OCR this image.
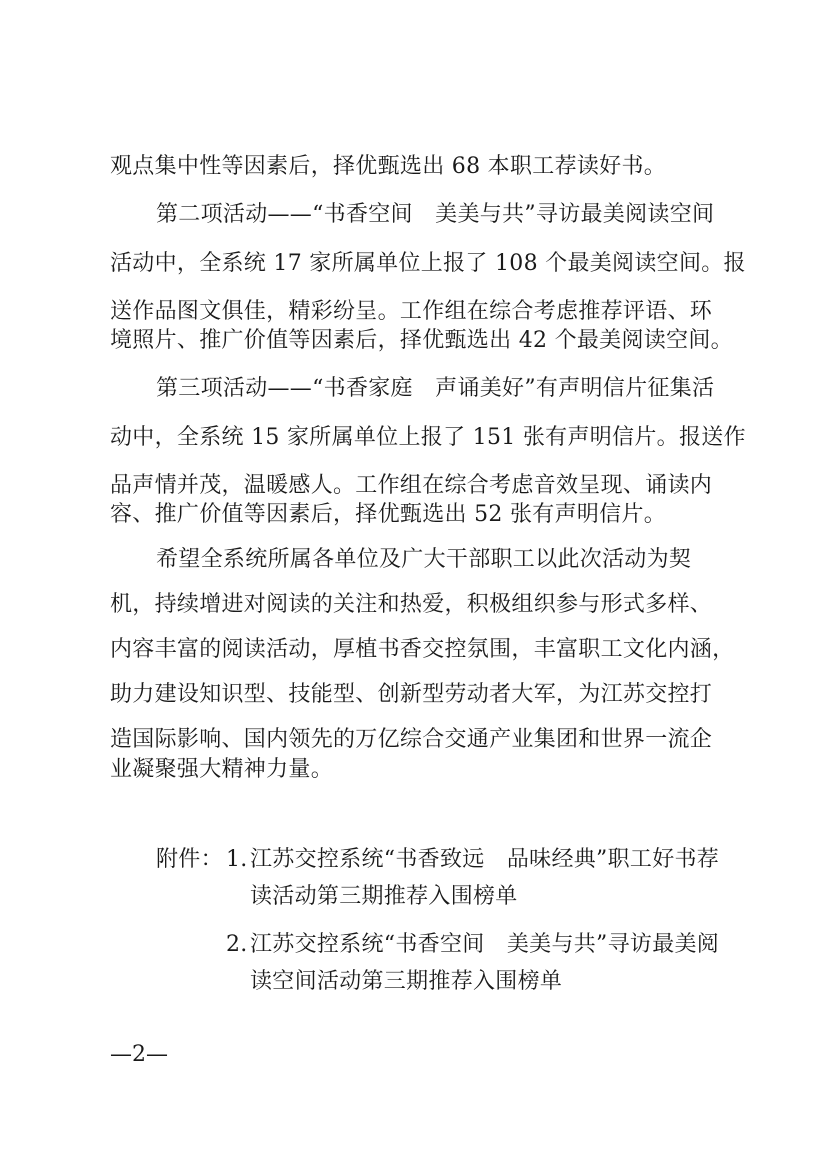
观点集中性等因素后，择优甄选出 68 本职工荐读好书。
第二项活动——“书香空间　美美与共”寻访最美阅读空间
活动中，全系统 17 家所属单位上报了 108 个最美阅读空间。报
送作品图文俱佳，精彩纷呈。工作组在综合考虑推荐评语、环
境照片、推广价值等因素后，择优甄选出 42 个最美阅读空间。
第三项活动——“书香家庭　声诵美好”有声明信片征集活
动中，全系统 15 家所属单位上报了 151 张有声明信片。报送作
品声情并茂，温暖感人。工作组在综合考虑音效呈现、诵读内
容、推广价值等因素后，择优甄选出 52 张有声明信片。
希望全系统所属各单位及广大干部职工以此次活动为契
机，持续增进对阅读的关注和热爱，积极组织参与形式多样、
内容丰富的阅读活动，厚植书香交控氛围，丰富职工文化内涵，
助力建设知识型、技能型、创新型劳动者大军，为江苏交控打
造国际影响、国内领先的万亿综合交通产业集团和世界一流企
业凝聚强大精神力量。
附件： 1. 江苏交控系统“书香致远　品味经典”职工好书荐
读活动第三期推荐入围榜单
2. 江苏交控系统“书香空间　美美与共”寻访最美阅
读空间活动第三期推荐入围榜单
—2—
